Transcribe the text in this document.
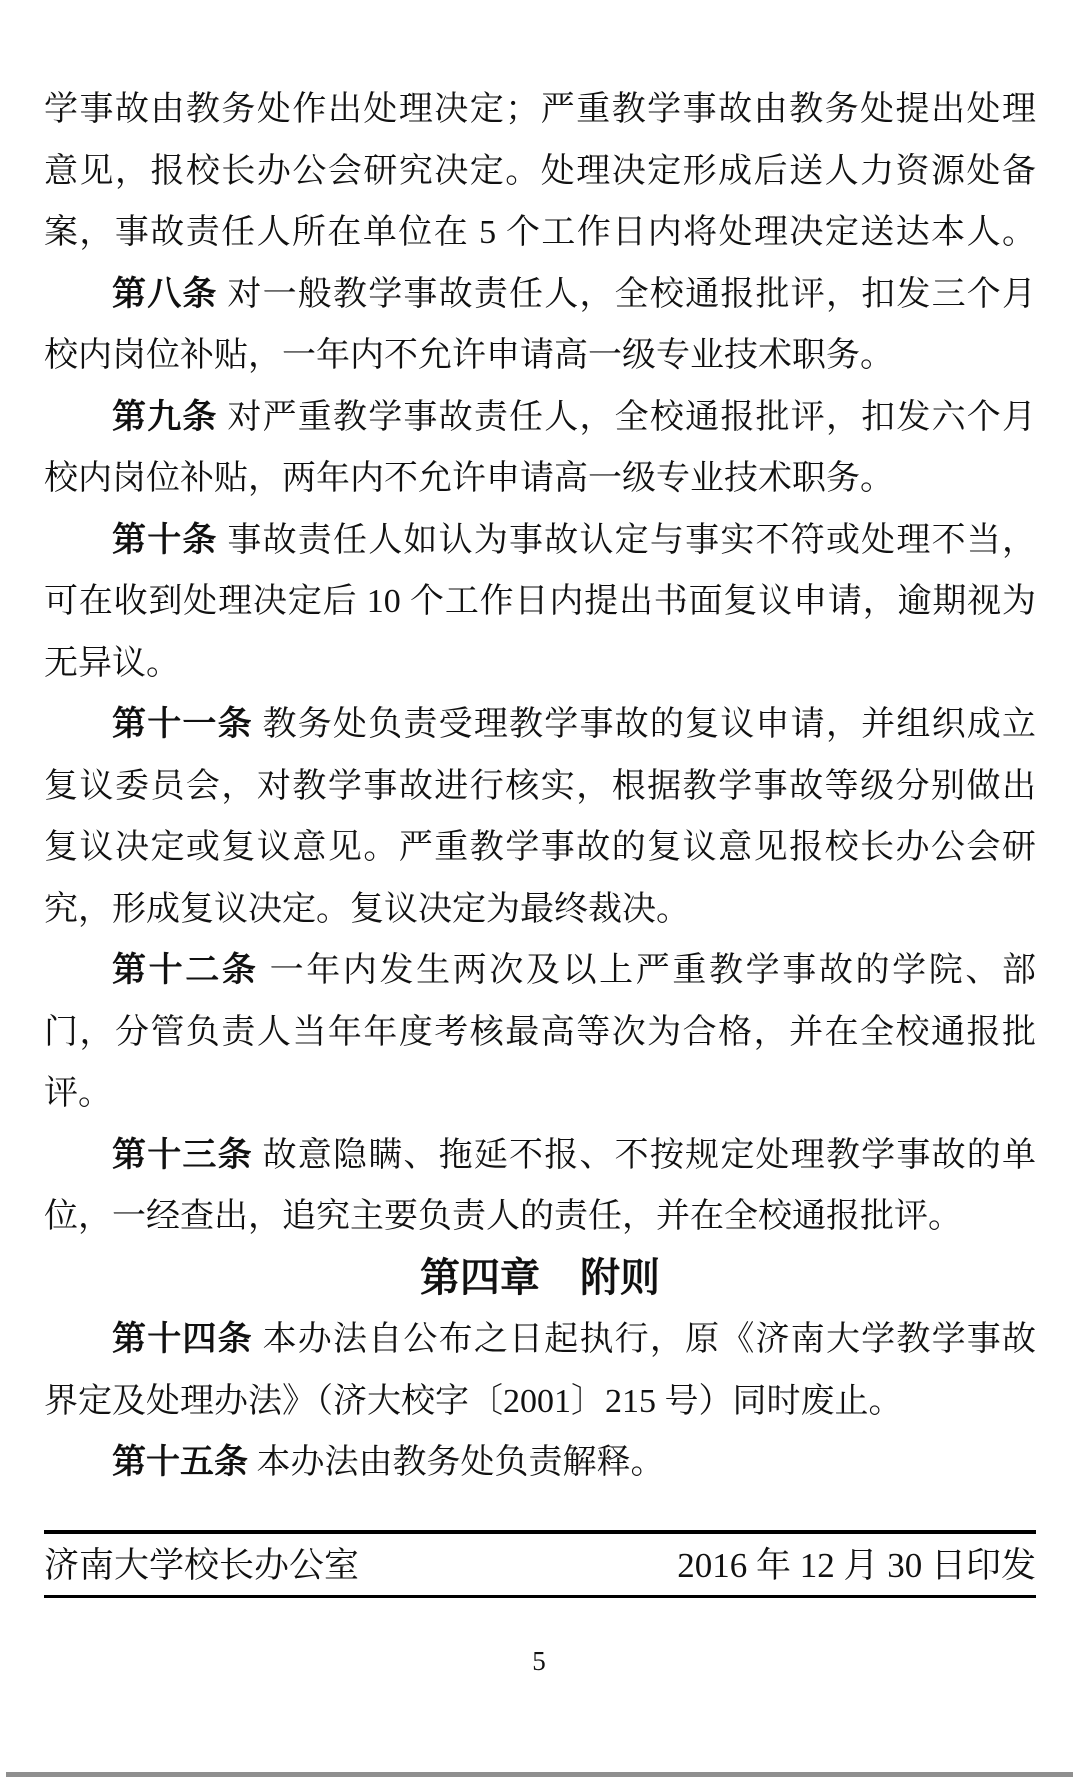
学事故由教务处作出处理决定；严重教学事故由教务处提出处理
意见，报校长办公会研究决定。处理决定形成后送人力资源处备
案，事故责任人所在单位在 5 个工作日内将处理决定送达本人。
第八条 对一般教学事故责任人，全校通报批评，扣发三个月
校内岗位补贴，一年内不允许申请高一级专业技术职务。
第九条 对严重教学事故责任人，全校通报批评，扣发六个月
校内岗位补贴，两年内不允许申请高一级专业技术职务。
第十条 事故责任人如认为事故认定与事实不符或处理不当，
可在收到处理决定后 10 个工作日内提出书面复议申请，逾期视为
无异议。
第十一条 教务处负责受理教学事故的复议申请，并组织成立
复议委员会，对教学事故进行核实，根据教学事故等级分别做出
复议决定或复议意见。严重教学事故的复议意见报校长办公会研
究，形成复议决定。复议决定为最终裁决。
第十二条 一年内发生两次及以上严重教学事故的学院、部
门，分管负责人当年年度考核最高等次为合格，并在全校通报批
评。
第十三条 故意隐瞒、拖延不报、不按规定处理教学事故的单
位，一经查出，追究主要负责人的责任，并在全校通报批评。
第四章　附则
第十四条 本办法自公布之日起执行，原《济南大学教学事故
界定及处理办法》（济大校字〔2001〕215 号）同时废止。
第十五条 本办法由教务处负责解释。
济南大学校长办公室	2016 年 12 月 30 日印发
5
